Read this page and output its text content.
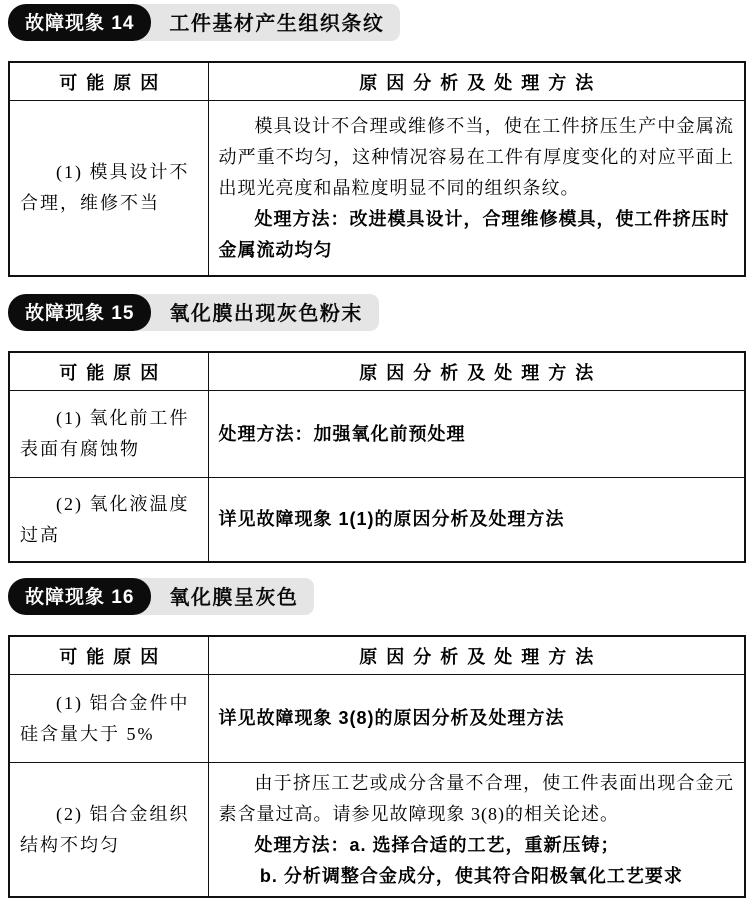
故障现象 14	工件基材产生组织条纹
可能原因	原因分析及处理方法

(1) 模具设计不合理，维修不当	模具设计不合理或维修不当，使在工件挤压生产中金属流动严重不均匀，这种情况容易在工件有厚度变化的对应平面上出现光亮度和晶粒度明显不同的组织条纹。

处理方法：改进模具设计，合理维修模具，使工件挤压时金属流动均匀

故障现象 15	氧化膜出现灰色粉末
可能原因	原因分析及处理方法

(1) 氧化前工件表面有腐蚀物	处理方法：加强氧化前预处理

(2) 氧化液温度过高	详见故障现象 1(1)的原因分析及处理方法

故障现象 16	氧化膜呈灰色
可能原因	原因分析及处理方法

(1) 铝合金件中硅含量大于 5%	详见故障现象 3(8)的原因分析及处理方法

(2) 铝合金组织结构不均匀	由于挤压工艺或成分含量不合理，使工件表面出现合金元素含量过高。请参见故障现象 3(8)的相关论述。

处理方法：a. 选择合适的工艺，重新压铸；

b. 分析调整合金成分，使其符合阳极氧化工艺要求
